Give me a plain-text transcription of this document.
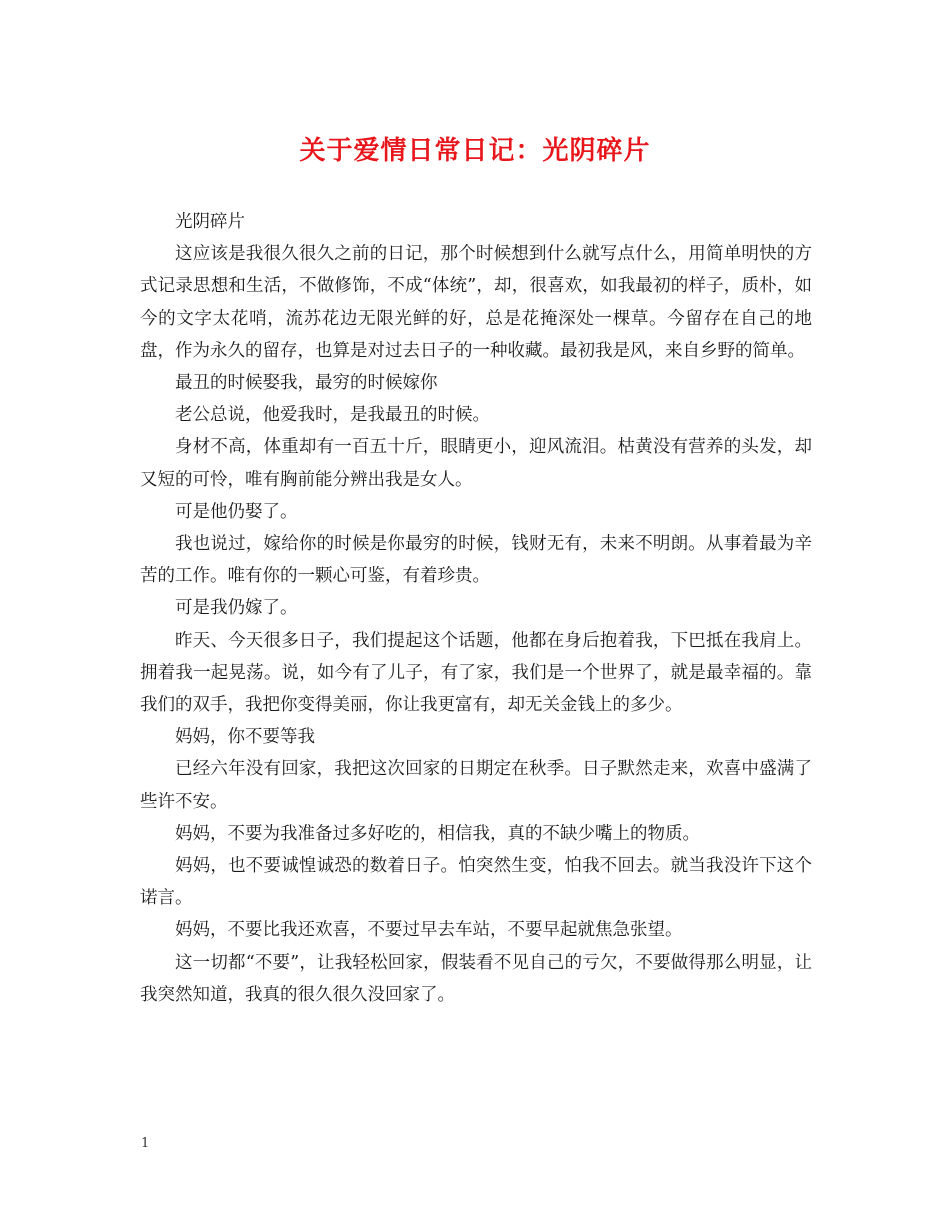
关于爱情日常日记：光阴碎片

光阴碎片

这应该是我很久很久之前的日记，那个时候想到什么就写点什么，用简单明快的方式记录思想和生活，不做修饰，不成“体统”，却，很喜欢，如我最初的样子，质朴，如今的文字太花哨，流苏花边无限光鲜的好，总是花掩深处一棵草。今留存在自己的地盘，作为永久的留存，也算是对过去日子的一种收藏。最初我是风，来自乡野的简单。

最丑的时候娶我，最穷的时候嫁你

老公总说，他爱我时，是我最丑的时候。

身材不高，体重却有一百五十斤，眼睛更小，迎风流泪。枯黄没有营养的头发，却又短的可怜，唯有胸前能分辨出我是女人。

可是他仍娶了。

我也说过，嫁给你的时候是你最穷的时候，钱财无有，未来不明朗。从事着最为辛苦的工作。唯有你的一颗心可鉴，有着珍贵。

可是我仍嫁了。

昨天、今天很多日子，我们提起这个话题，他都在身后抱着我，下巴抵在我肩上。拥着我一起晃荡。说，如今有了儿子，有了家，我们是一个世界了，就是最幸福的。靠我们的双手，我把你变得美丽，你让我更富有，却无关金钱上的多少。

妈妈，你不要等我

已经六年没有回家，我把这次回家的日期定在秋季。日子默然走来，欢喜中盛满了些许不安。

妈妈，不要为我准备过多好吃的，相信我，真的不缺少嘴上的物质。

妈妈，也不要诚惶诚恐的数着日子。怕突然生变，怕我不回去。就当我没许下这个诺言。

妈妈，不要比我还欢喜，不要过早去车站，不要早起就焦急张望。

这一切都“不要”，让我轻松回家，假装看不见自己的亏欠，不要做得那么明显，让我突然知道，我真的很久很久没回家了。

1
